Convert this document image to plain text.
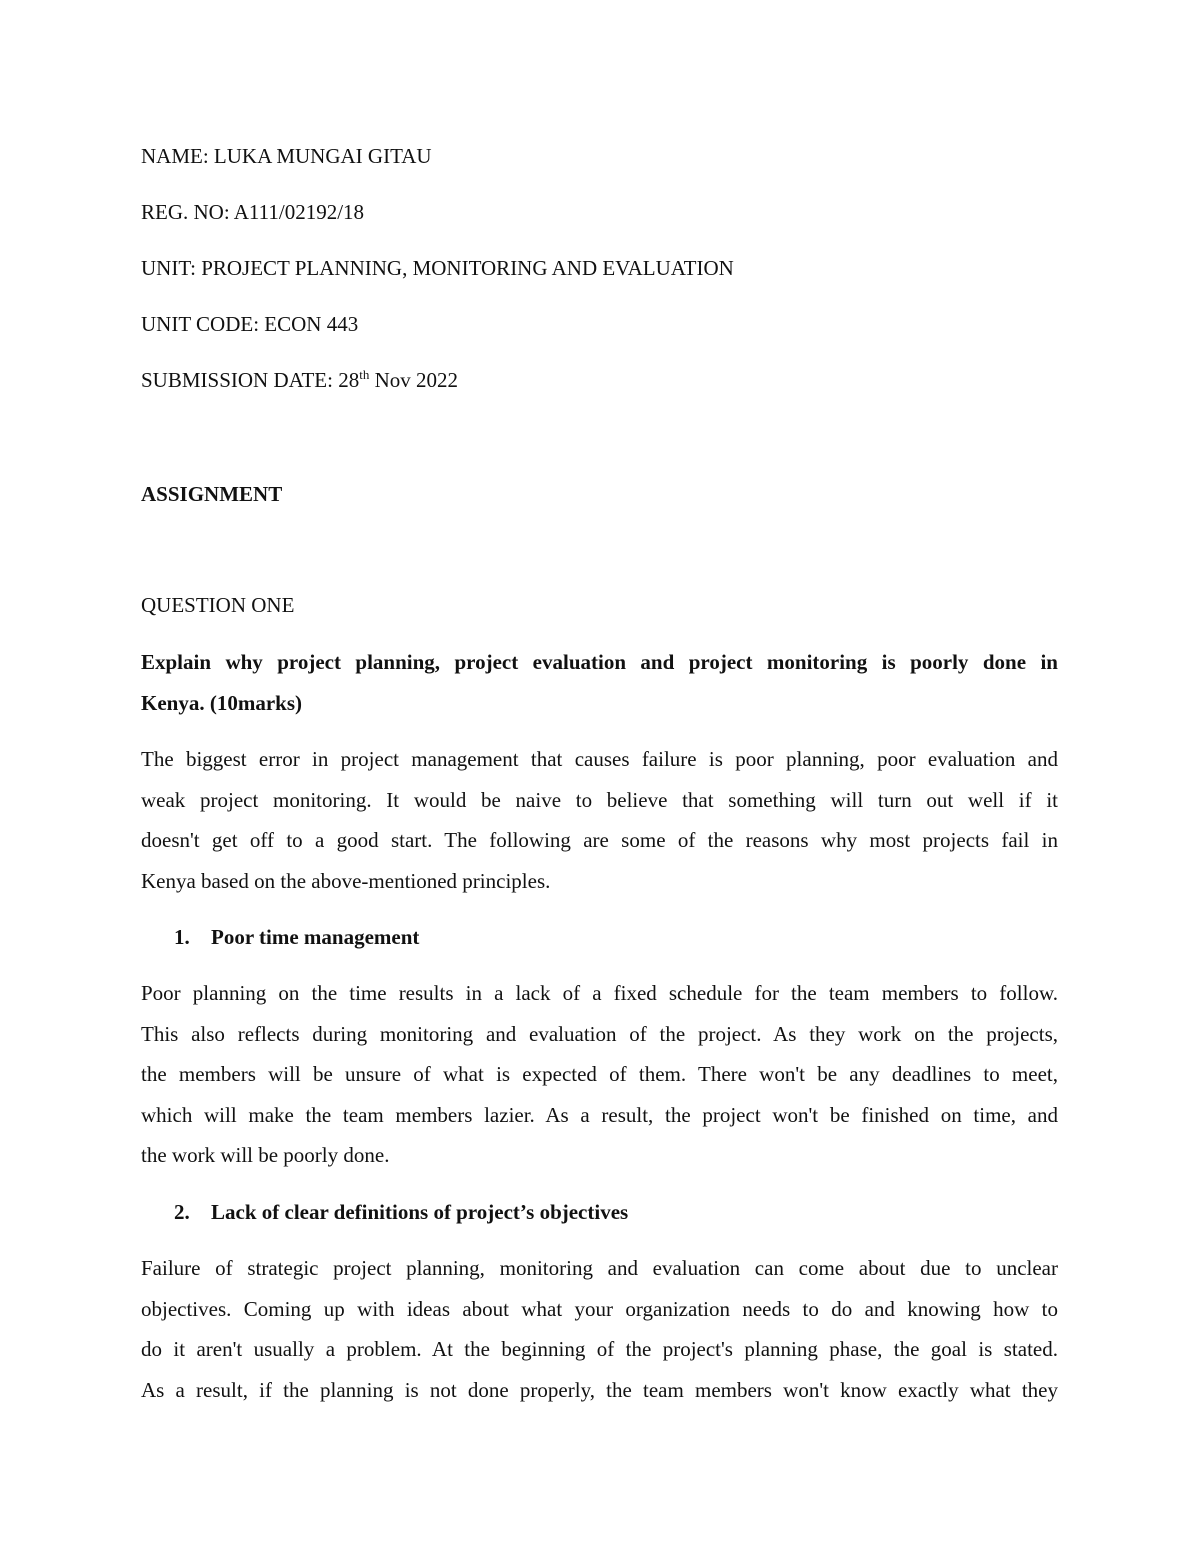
NAME: LUKA MUNGAI GITAU
REG. NO: A111/02192/18
UNIT: PROJECT PLANNING, MONITORING AND EVALUATION
UNIT CODE: ECON 443
SUBMISSION DATE: 28th Nov 2022
ASSIGNMENT
QUESTION ONE
Explain why project planning, project evaluation and project monitoring is poorly done in
Kenya. (10marks)
The biggest error in project management that causes failure is poor planning, poor evaluation and
weak project monitoring. It would be naive to believe that something will turn out well if it
doesn't get off to a good start. The following are some of the reasons why most projects fail in
Kenya based on the above-mentioned principles.
1. Poor time management
Poor planning on the time results in a lack of a fixed schedule for the team members to follow.
This also reflects during monitoring and evaluation of the project. As they work on the projects,
the members will be unsure of what is expected of them. There won't be any deadlines to meet,
which will make the team members lazier. As a result, the project won't be finished on time, and
the work will be poorly done.
2. Lack of clear definitions of project’s objectives
Failure of strategic project planning, monitoring and evaluation can come about due to unclear
objectives. Coming up with ideas about what your organization needs to do and knowing how to
do it aren't usually a problem. At the beginning of the project's planning phase, the goal is stated.
As a result, if the planning is not done properly, the team members won't know exactly what they
